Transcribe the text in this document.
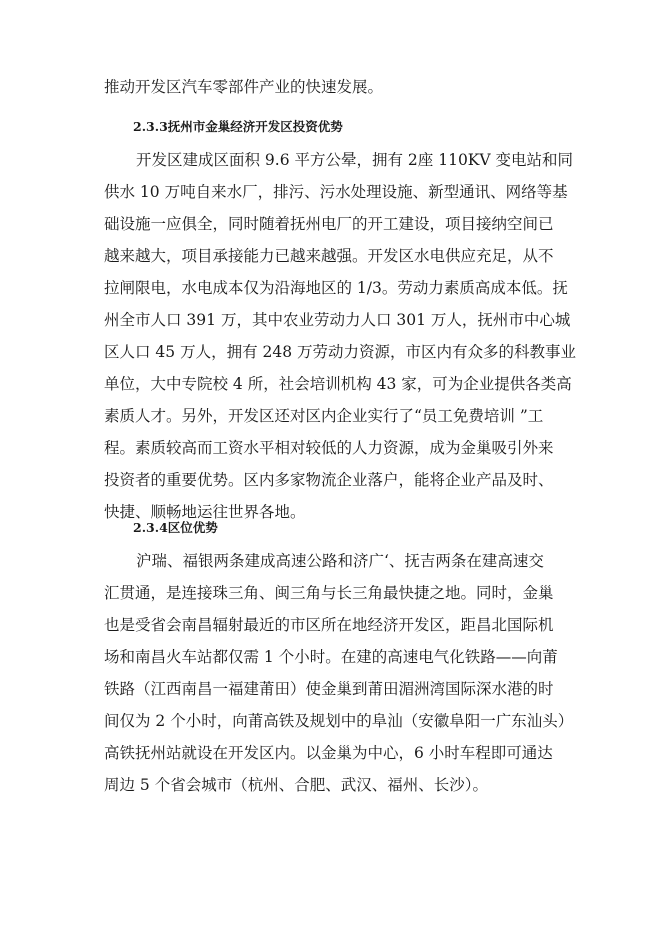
推动开发区汽车零部件产业的快速发展。
2.3.3抚州市金巢经济开发区投资优势
开发区建成区面积 9.6 平方公晕，拥有 2座 110KV 变电站和同
供水 10 万吨自来水厂，排污、污水处理设施、新型通讯、网络等基
础设施一应俱全，同时随着抚州电厂的开工建设，项目接纳空间已
越来越大，项目承接能力已越来越强。开发区水电供应充足，从不
拉闸限电，水电成本仅为沿海地区的 1/3。劳动力素质高成本低。抚
州全市人口 391 万，其中农业劳动力人口 301 万人，抚州市中心城
区人口 45 万人，拥有 248 万劳动力资源，市区内有众多的科教事业
单位，大中专院校 4 所，社会培训机构 43 家，可为企业提供各类高
素质人才。另外，开发区还对区内企业实行了“员工免费培训 ”工
程。素质较高而工资水平相对较低的人力资源，成为金巢吸引外来
投资者的重要优势。区内多家物流企业落户，能将企业产品及时、
快捷、顺畅地运往世界各地。
2.3.4区位优势
沪瑞、福银两条建成高速公路和济广‘、抚吉两条在建高速交
汇贯通，是连接珠三角、闽三角与长三角最快捷之地。同时，金巢
也是受省会南昌辐射最近的市区所在地经济开发区，距昌北国际机
场和南昌火车站都仅需 1 个小时。在建的高速电气化铁路——向莆
铁路（江西南昌一福建莆田）使金巢到莆田湄洲湾国际深水港的时
间仅为 2 个小时，向莆高铁及规划中的阜汕（安徽阜阳一广东汕头）
高铁抚州站就设在开发区内。以金巢为中心，6 小时车程即可通达
周边 5 个省会城市（杭州、合肥、武汉、福州、长沙）。
